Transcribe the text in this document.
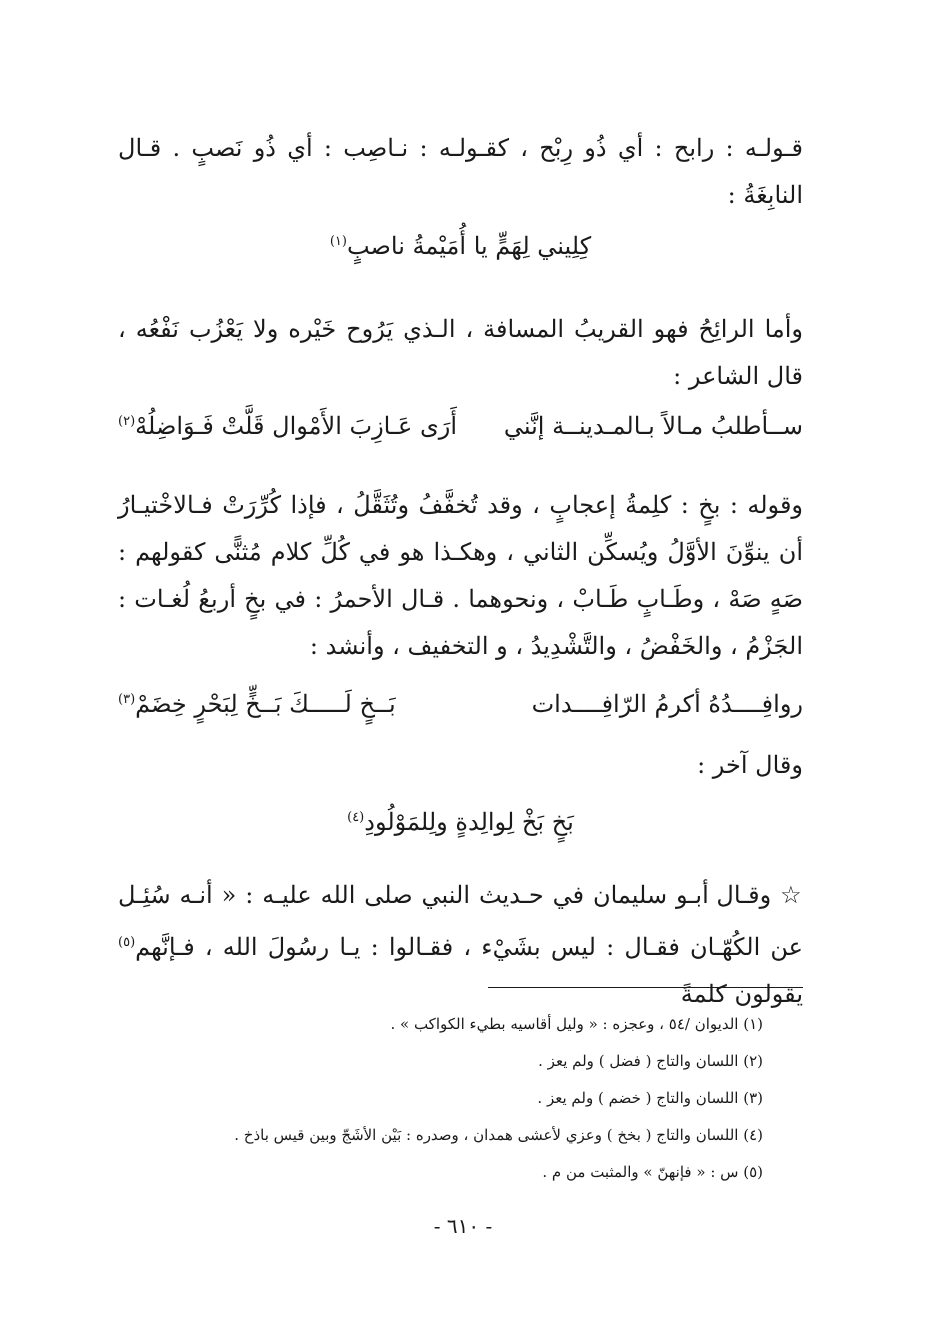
قـولـه : رابح : أي ذُو رِبْح ، كقـولـه : نـاصِب : أي ذُو نَصبٍ . قـال النابِغَةُ :
كِلِيني لِهَمٍّ يا أُمَيْمةُ ناصبٍ$^{(١)}$
وأما الرائِحُ فهو القريبُ المسافة ، الـذي يَرُوح خَيْره ولا يَعْزُب نَفْعُه ، قال الشاعر :
ســأطلبُ مـالاً بـالمـدينــة إنَّني
أَرَى عَـازِبَ الأَمْوال قَلَّتْ فَـوَاضِلُهْ$^{(٢)}$
وقوله : بخٍ : كلِمةُ إعجابٍ ، وقد تُخفَّفُ وتُثَقَّلُ ، فإذا كُرِّرَتْ فـالاخْتيـارُ أن ينوِّنَ الأوَّلُ ويُسكِّن الثاني ، وهكـذا هو في كُلِّ كلام مُثنًّى كقولهم : صَهٍ صَهْ ، وطَـابٍ طَـابْ ، ونحوهما . قـال الأحمرُ : في بخٍ أربعُ لُغـات : الجَزْمُ ، والخَفْضُ ، والتَّشْدِيدُ ، و التخفيف ، وأنشد :
روافِــــدُهُ أكرمُ الرّافِــــدات
بَــخٍ لَـــــكَ بَــخٍّ لِبَحْرٍ خِضَمْ$^{(٣)}$
وقال آخر :
بَخٍ بَخْ لِوالِدةٍ ولِلمَوْلُودِ$^{(٤)}$
☆ وقـال أبـو سليمان في حـديث النبي صلى الله عليـه : « أنـه سُئِـل عن الكُهّـان فقـال : ليس بشَيْء ، فقـالوا : يـا رسُولَ الله ، فـإنَّهم$^{(٥)}$ يقولون كلمةً
(١) الديوان /٥٤ ، وعجزه : « وليل أقاسيه بطيء الكواكب » .
(٢) اللسان والتاج ( فضل ) ولم يعز .
(٣) اللسان والتاج ( خضم ) ولم يعز .
(٤) اللسان والتاج ( بخخ ) وعزي لأعشى همدان ، وصدره : بَيْن الأشَجّ وبين قيس باذخ .
(٥) س : « فإنهنّ » والمثبت من م .
- ٦١٠ -
